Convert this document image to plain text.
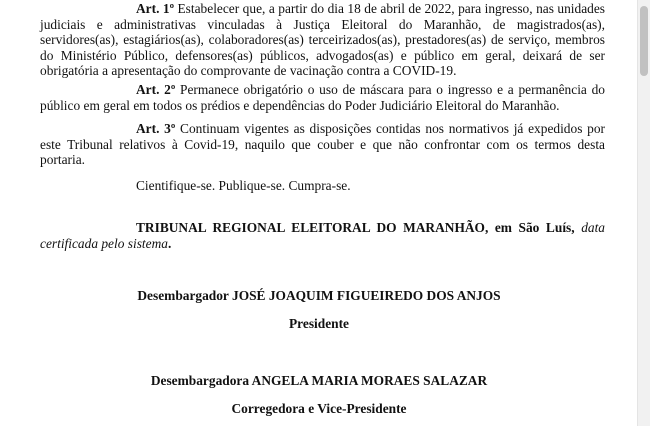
Art. 1º Estabelecer que, a partir do dia 18 de abril de 2022, para ingresso, nas unidades judiciais e administrativas vinculadas à Justiça Eleitoral do Maranhão, de magistrados(as), servidores(as), estagiários(as), colaboradores(as) terceirizados(as), prestadores(as) de serviço, membros do Ministério Público, defensores(as) públicos, advogados(as) e público em geral, deixará de ser obrigatória a apresentação do comprovante de vacinação contra a COVID-19.

Art. 2º Permanece obrigatório o uso de máscara para o ingresso e a permanência do público em geral em todos os prédios e dependências do Poder Judiciário Eleitoral do Maranhão.

Art. 3º Continuam vigentes as disposições contidas nos normativos já expedidos por este Tribunal relativos à Covid-19, naquilo que couber e que não confrontar com os termos desta portaria.

Cientifique-se. Publique-se. Cumpra-se.

TRIBUNAL REGIONAL ELEITORAL DO MARANHÃO, em São Luís, data certificada pelo sistema.

Desembargador JOSÉ JOAQUIM FIGUEIREDO DOS ANJOS

Presidente

Desembargadora ANGELA MARIA MORAES SALAZAR

Corregedora e Vice-Presidente
